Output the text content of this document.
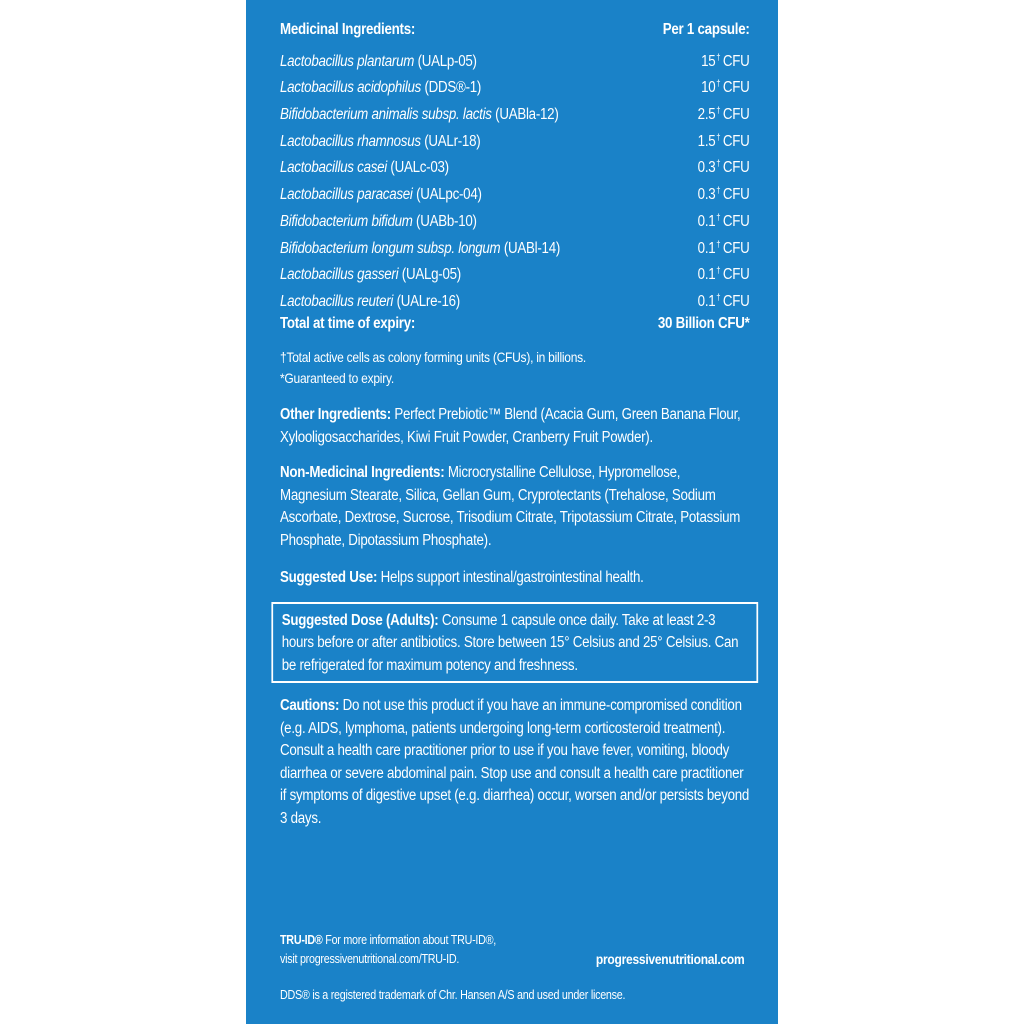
Medicinal Ingredients:	Per 1 capsule:
Lactobacillus plantarum (UALp-05)	15† CFU
Lactobacillus acidophilus (DDS®-1)	10† CFU
Bifidobacterium animalis subsp. lactis (UABla-12)	2.5† CFU
Lactobacillus rhamnosus (UALr-18)	1.5† CFU
Lactobacillus casei (UALc-03)	0.3† CFU
Lactobacillus paracasei (UALpc-04)	0.3† CFU
Bifidobacterium bifidum (UABb-10)	0.1† CFU
Bifidobacterium longum subsp. longum (UABl-14)	0.1† CFU
Lactobacillus gasseri (UALg-05)	0.1† CFU
Lactobacillus reuteri (UALre-16)	0.1† CFU
Total at time of expiry:	30 Billion CFU*
†Total active cells as colony forming units (CFUs), in billions.
*Guaranteed to expiry.
Other Ingredients: Perfect Prebiotic™ Blend (Acacia Gum, Green Banana Flour, Xylooligosaccharides, Kiwi Fruit Powder, Cranberry Fruit Powder).
Non-Medicinal Ingredients: Microcrystalline Cellulose, Hypromellose, Magnesium Stearate, Silica, Gellan Gum, Cryprotectants (Trehalose, Sodium Ascorbate, Dextrose, Sucrose, Trisodium Citrate, Tripotassium Citrate, Potassium Phosphate, Dipotassium Phosphate).
Suggested Use: Helps support intestinal/gastrointestinal health.
Suggested Dose (Adults): Consume 1 capsule once daily. Take at least 2-3 hours before or after antibiotics. Store between 15° Celsius and 25° Celsius. Can be refrigerated for maximum potency and freshness.
Cautions: Do not use this product if you have an immune-compromised condition (e.g. AIDS, lymphoma, patients undergoing long-term corticosteroid treatment). Consult a health care practitioner prior to use if you have fever, vomiting, bloody diarrhea or severe abdominal pain. Stop use and consult a health care practitioner if symptoms of digestive upset (e.g. diarrhea) occur, worsen and/or persists beyond 3 days.
TRU-ID® For more information about TRU-ID®,
visit progressivenutritional.com/TRU-ID.	progressivenutritional.com
DDS® is a registered trademark of Chr. Hansen A/S and used under license.
